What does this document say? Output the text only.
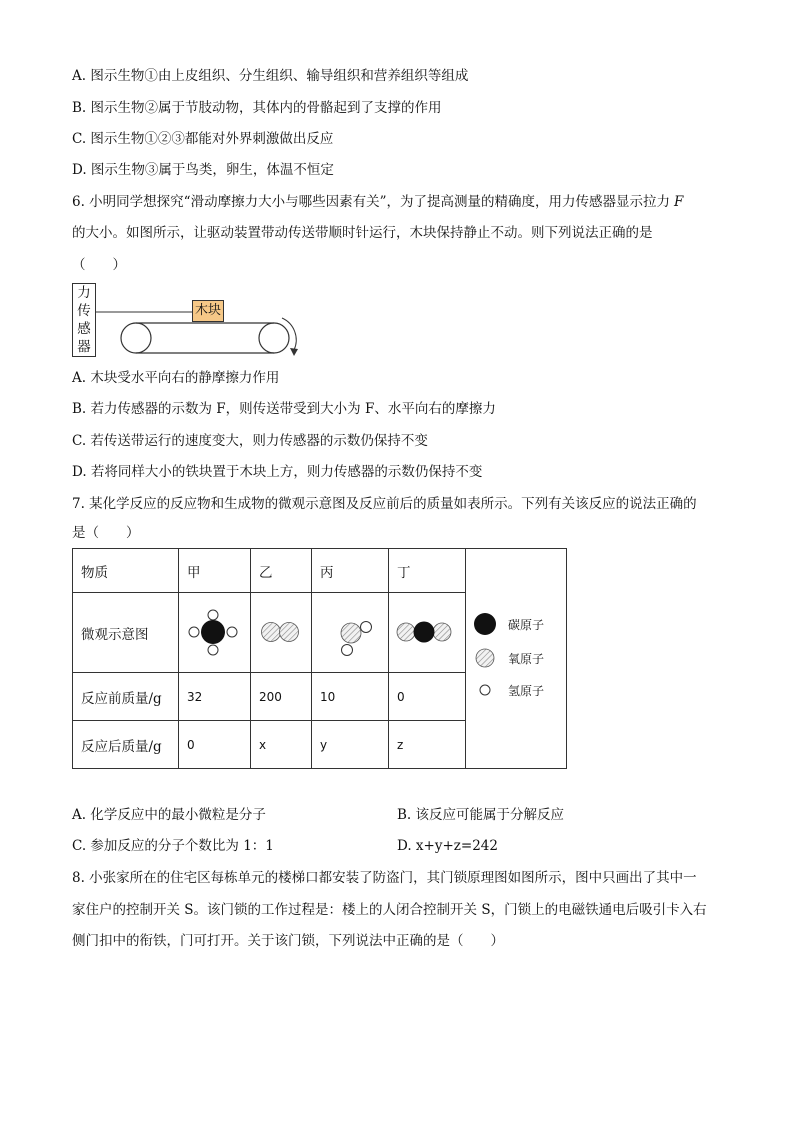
A. 图示生物①由上皮组织、分生组织、输导组织和营养组织等组成
B. 图示生物②属于节肢动物，其体内的骨骼起到了支撑的作用
C. 图示生物①②③都能对外界刺激做出反应
D. 图示生物③属于鸟类，卵生，体温不恒定
6. 小明同学想探究“滑动摩擦力大小与哪些因素有关”，为了提高测量的精确度，用力传感器显示拉力 F
的大小。如图所示，让驱动装置带动传送带顺时针运行，木块保持静止不动。则下列说法正确的是
（　　）
力
传
感
器
木块
A. 木块受水平向右的静摩擦力作用
B. 若力传感器的示数为 F，则传送带受到大小为 F、水平向右的摩擦力
C. 若传送带运行的速度变大，则力传感器的示数仍保持不变
D. 若将同样大小的铁块置于木块上方，则力传感器的示数仍保持不变
7. 某化学反应的反应物和生成物的微观示意图及反应前后的质量如表所示。下列有关该反应的说法正确的
是（　　）
物质	甲	乙	丙	丁	碳原子
氧原子
氢原子

微观示意图	

反应前质量/g	32	200	10	0	
反应后质量/g	0	x	y	z	
A. 化学反应中的最小微粒是分子	B. 该反应可能属于分解反应
C. 参加反应的分子个数比为 1：1	D. x+y+z=242
8. 小张家所在的住宅区每栋单元的楼梯口都安装了防盗门，其门锁原理图如图所示，图中只画出了其中一
家住户的控制开关 S。该门锁的工作过程是：楼上的人闭合控制开关 S，门锁上的电磁铁通电后吸引卡入右
侧门扣中的衔铁，门可打开。关于该门锁，下列说法中正确的是（　　）
